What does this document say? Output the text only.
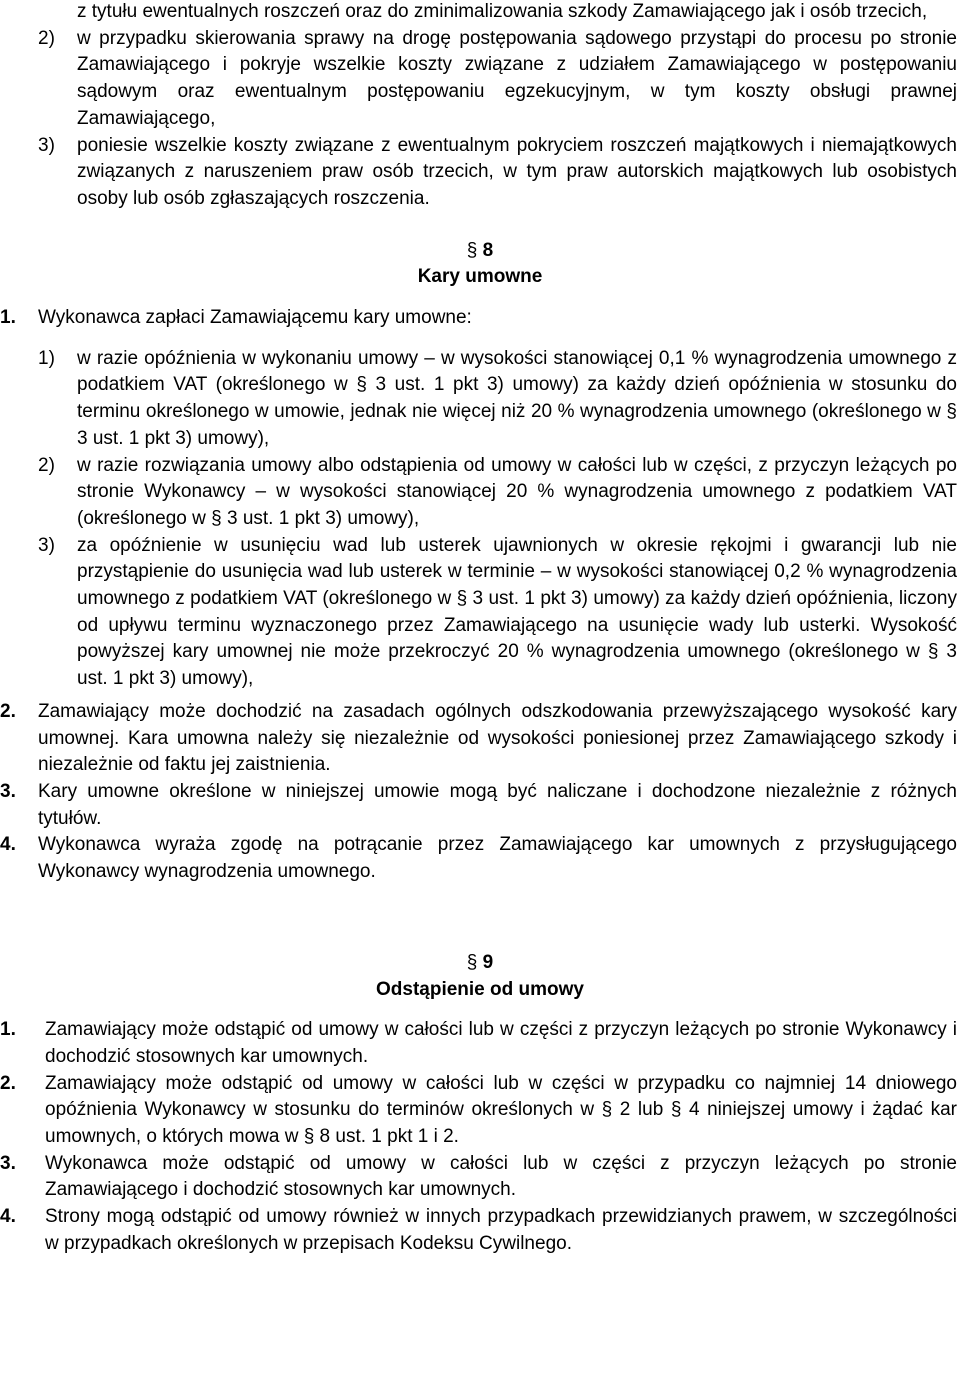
z tytułu ewentualnych roszczeń oraz do zminimalizowania szkody Zamawiającego jak i osób trzecich,

2) w przypadku skierowania sprawy na drogę postępowania sądowego przystąpi do procesu po stronie Zamawiającego i pokryje wszelkie koszty związane z udziałem Zamawiającego w postępowaniu sądowym oraz ewentualnym postępowaniu egzekucyjnym, w tym koszty obsługi prawnej Zamawiającego,

3) poniesie wszelkie koszty związane z ewentualnym pokryciem roszczeń majątkowych i niemajątkowych związanych z naruszeniem praw osób trzecich, w tym praw autorskich majątkowych lub osobistych osoby lub osób zgłaszających roszczenia.

§ 8

Kary umowne

1. Wykonawca zapłaci Zamawiającemu kary umowne:

1) w razie opóźnienia w wykonaniu umowy – w wysokości stanowiącej 0,1 % wynagrodzenia umownego z podatkiem VAT (określonego w § 3 ust. 1 pkt 3) umowy) za każdy dzień opóźnienia w stosunku do terminu określonego w umowie, jednak nie więcej niż 20 % wynagrodzenia umownego (określonego w § 3 ust. 1 pkt 3) umowy),

2) w razie rozwiązania umowy albo odstąpienia od umowy w całości lub w części, z przyczyn leżących po stronie Wykonawcy – w wysokości stanowiącej 20 % wynagrodzenia umownego z podatkiem VAT (określonego w § 3 ust. 1 pkt 3) umowy),

3) za opóźnienie w usunięciu wad lub usterek ujawnionych w okresie rękojmi i gwarancji lub nie przystąpienie do usunięcia wad lub usterek w terminie – w wysokości stanowiącej 0,2 % wynagrodzenia umownego z podatkiem VAT (określonego w § 3 ust. 1 pkt 3) umowy) za każdy dzień opóźnienia, liczony od upływu terminu wyznaczonego przez Zamawiającego na usunięcie wady lub usterki. Wysokość powyższej kary umownej nie może przekroczyć 20 % wynagrodzenia umownego (określonego w § 3 ust. 1 pkt 3) umowy),

2. Zamawiający może dochodzić na zasadach ogólnych odszkodowania przewyższającego wysokość kary umownej. Kara umowna należy się niezależnie od wysokości poniesionej przez Zamawiającego szkody i niezależnie od faktu jej zaistnienia.

3. Kary umowne określone w niniejszej umowie mogą być naliczane i dochodzone niezależnie z różnych tytułów.

4. Wykonawca wyraża zgodę na potrącanie przez Zamawiającego kar umownych z przysługującego Wykonawcy wynagrodzenia umownego.

§ 9

Odstąpienie od umowy

1. Zamawiający może odstąpić od umowy w całości lub w części z przyczyn leżących po stronie Wykonawcy i dochodzić stosownych kar umownych.

2. Zamawiający może odstąpić od umowy w całości lub w części w przypadku co najmniej 14 dniowego opóźnienia Wykonawcy w stosunku do terminów określonych w § 2 lub § 4 niniejszej umowy i żądać kar umownych, o których mowa w § 8 ust. 1 pkt 1 i 2.

3. Wykonawca może odstąpić od umowy w całości lub w części z przyczyn leżących po stronie Zamawiającego i dochodzić stosownych kar umownych.

4. Strony mogą odstąpić od umowy również w innych przypadkach przewidzianych prawem, w szczególności w przypadkach określonych w przepisach Kodeksu Cywilnego.
